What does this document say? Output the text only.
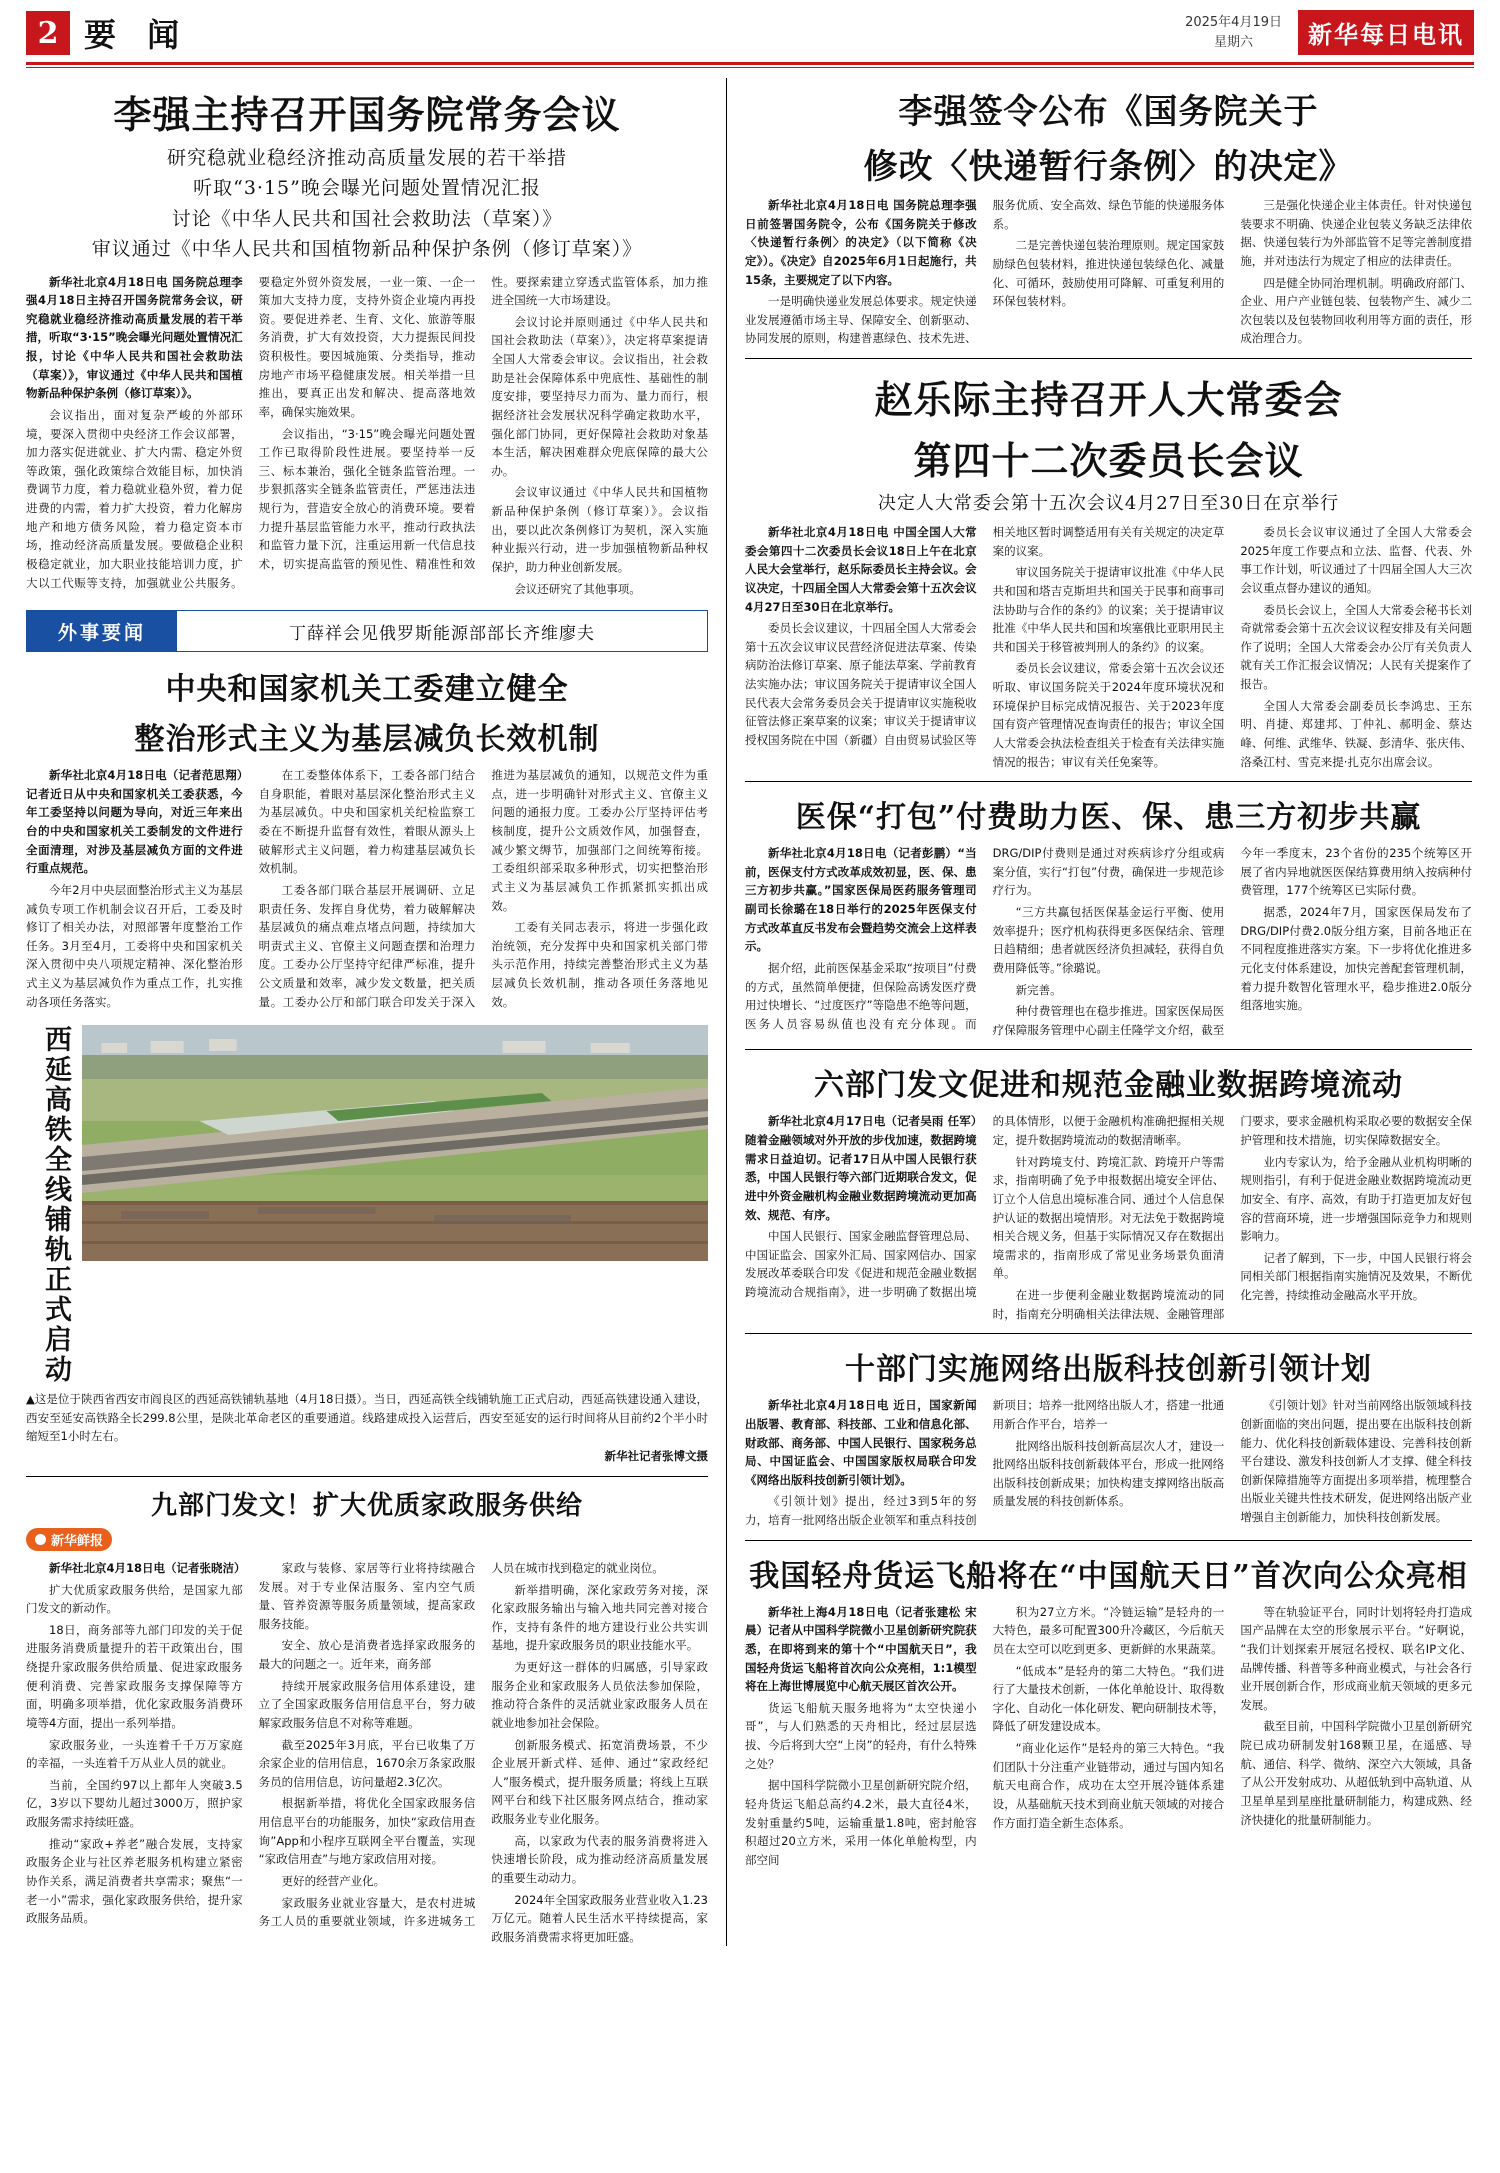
2 要 闻	2025年4月19日
星期六	新华每日电讯
李强主持召开国务院常务会议
研究稳就业稳经济推动高质量发展的若干举措
听取“3·15”晚会曝光问题处置情况汇报
讨论《中华人民共和国社会救助法（草案）》
审议通过《中华人民共和国植物新品种保护条例（修订草案）》

新华社北京4月18日电 国务院总理李强4月18日主持召开国务院常务会议，研究稳就业稳经济推动高质量发展的若干举措，听取“3·15”晚会曝光问题处置情况汇报，讨论《中华人民共和国社会救助法（草案）》，审议通过《中华人民共和国植物新品种保护条例（修订草案）》。

会议指出，面对复杂严峻的外部环境，要深入贯彻中央经济工作会议部署，加力落实促进就业、扩大内需、稳定外贸等政策，强化政策综合效能目标，加快消费调节力度，着力稳就业稳外贸，着力促进费的内需，着力扩大投资，着力化解房地产和地方债务风险，着力稳定资本市场，推动经济高质量发展。要做稳企业积极稳定就业，加大职业技能培训力度，扩大以工代赈等支持，加强就业公共服务。要稳定外贸外资发展，一业一策、一企一策加大支持力度，支持外资企业境内再投资。要促进养老、生育、文化、旅游等服务消费，扩大有效投资，大力提振民间投资积极性。要因城施策、分类指导，推动房地产市场平稳健康发展。相关举措一旦推出，要真正出发和解决、提高落地效率，确保实施效果。

会议指出，“3·15”晚会曝光问题处置工作已取得阶段性进展。要坚持举一反三、标本兼治，强化全链条监管治理。一步狠抓落实全链条监管责任，严惩违法违规行为，营造安全放心的消费环境。要着力提升基层监管能力水平，推动行政执法和监管力量下沉，注重运用新一代信息技术，切实提高监管的预见性、精准性和效性。要探索建立穿透式监管体系，加力推进全国统一大市场建设。

会议讨论并原则通过《中华人民共和国社会救助法（草案）》，决定将草案提请全国人大常委会审议。会议指出，社会救助是社会保障体系中兜底性、基础性的制度安排，要坚持尽力而为、量力而行，根据经济社会发展状况科学确定救助水平，强化部门协同，更好保障社会救助对象基本生活，解决困难群众兜底保障的最大公办。

会议审议通过《中华人民共和国植物新品种保护条例（修订草案）》。会议指出，要以此次条例修订为契机，深入实施种业振兴行动，进一步加强植物新品种权保护，助力种业创新发展。

会议还研究了其他事项。

外事要闻	丁薛祥会见俄罗斯能源部部长齐维廖夫
中央和国家机关工委建立健全
整治形式主义为基层减负长效机制

新华社北京4月18日电（记者范思翔）记者近日从中央和国家机关工委获悉，今年工委坚持以问题为导向，对近三年来出台的中央和国家机关工委制发的文件进行全面清理，对涉及基层减负方面的文件进行重点规范。

今年2月中央层面整治形式主义为基层减负专项工作机制会议召开后，工委及时修订了相关办法，对照部署年度整治工作任务。3月至4月，工委将中央和国家机关深入贯彻中央八项规定精神、深化整治形式主义为基层减负作为重点工作，扎实推动各项任务落实。

在工委整体体系下，工委各部门结合自身职能，着眼对基层深化整治形式主义为基层减负。中央和国家机关纪检监察工委在不断提升监督有效性，着眼从源头上破解形式主义问题，着力构建基层减负长效机制。

工委各部门联合基层开展调研、立足职责任务、发挥自身优势，着力破解解决基层减负的痛点难点堵点问题，持续加大明责式主义、官僚主义问题查摆和治理力度。工委办公厅坚持守纪律严标准，提升公文质量和效率，减少发文数量，把关质量。工委办公厅和部门联合印发关于深入推进为基层减负的通知，以规范文件为重点，进一步明确针对形式主义、官僚主义问题的通报力度。工委办公厅坚持评估考核制度，提升公文质效作风，加强督查，减少繁文缛节，加强部门之间统筹衔接。工委组织部采取多种形式，切实把整治形式主义为基层减负工作抓紧抓实抓出成效。

工委有关同志表示，将进一步强化政治统领，充分发挥中央和国家机关部门带头示范作用，持续完善整治形式主义为基层减负长效机制，推动各项任务落地见效。

西延高铁全线铺轨正式启动
▲这是位于陕西省西安市阎良区的西延高铁铺轨基地（4月18日摄）。当日，西延高铁全线铺轨施工正式启动，西延高铁建设通入建设，西安至延安高铁路全长299.8公里，是陕北革命老区的重要通道。线路建成投入运营后，西安至延安的运行时间将从目前约2个半小时缩短至1小时左右。
新华社记者张博文摄
九部门发文！扩大优质家政服务供给
新华鲜报

新华社北京4月18日电（记者张晓洁）

扩大优质家政服务供给，是国家九部门发文的新动作。

18日，商务部等九部门印发的关于促进服务消费质量提升的若干政策出台，围绕提升家政服务供给质量、促进家政服务便利消费、完善家政服务支撑保障等方面，明确多项举措，优化家政服务消费环境等4方面，提出一系列举措。

家政服务业，一头连着千千万万家庭的幸福，一头连着千万从业人员的就业。

当前，全国约97以上都年人突破3.5亿，3岁以下婴幼儿超过3000万，照护家政服务需求持续旺盛。

推动“家政+养老”融合发展，支持家政服务企业与社区养老服务机构建立紧密协作关系，满足消费者共享需求；聚焦“一老一小”需求，强化家政服务供给，提升家政服务品质。

家政与装修、家居等行业将持续融合发展。对于专业保洁服务、室内空气质量、管养资源等服务质量领域，提高家政服务技能。

安全、放心是消费者选择家政服务的最大的问题之一。近年来，商务部

持续开展家政服务信用体系建设，建立了全国家政服务信用信息平台，努力破解家政服务信息不对称等难题。

截至2025年3月底，平台已收集了万余家企业的信用信息，1670余万条家政服务员的信用信息，访问量超2.3亿次。

根据新举措，将优化全国家政服务信用信息平台的功能服务，加快“家政信用查询”App和小程序互联网全平台覆盖，实现“家政信用查”与地方家政信用对接。

更好的经营产业化。

家政服务业就业容量大，是农村进城务工人员的重要就业领域，许多进城务工人员在城市找到稳定的就业岗位。

新举措明确，深化家政劳务对接，深化家政服务输出与输入地共同完善对接合作，支持有条件的地方建设行业公共实训基地，提升家政服务员的职业技能水平。

为更好这一群体的归属感，引导家政服务企业和家政服务人员依法参加保险，推动符合条件的灵活就业家政服务人员在就业地参加社会保险。

创新服务模式、拓宽消费场景，不少企业展开新式样、延伸、通过“家政经纪人”服务模式，提升服务质量；将线上互联网平台和线下社区服务网点结合，推动家政服务业专业化服务。

高，以家政为代表的服务消费将进入快速增长阶段，成为推动经济高质量发展的重要生动动力。

2024年全国家政服务业营业收入1.23万亿元。随着人民生活水平持续提高，家政服务消费需求将更加旺盛。

李强签令公布《国务院关于
修改〈快递暂行条例〉的决定》

新华社北京4月18日电 国务院总理李强日前签署国务院令，公布《国务院关于修改〈快递暂行条例〉的决定》（以下简称《决定》）。《决定》自2025年6月1日起施行，共15条，主要规定了以下内容。

一是明确快递业发展总体要求。规定快递业发展遵循市场主导、保障安全、创新驱动、协同发展的原则，构建普惠绿色、技术先进、服务优质、安全高效、绿色节能的快递服务体系。

二是完善快递包装治理原则。规定国家鼓励绿色包装材料，推进快递包装绿色化、减量化、可循环，鼓励使用可降解、可重复利用的环保包装材料。

三是强化快递企业主体责任。针对快递包装要求不明确、快递企业包装义务缺乏法律依据、快递包装行为外部监管不足等完善制度措施，并对违法行为规定了相应的法律责任。

四是健全协同治理机制。明确政府部门、企业、用户产业链包装、包装物产生、减少二次包装以及包装物回收利用等方面的责任，形成治理合力。

赵乐际主持召开人大常委会
第四十二次委员长会议
决定人大常委会第十五次会议4月27日至30日在京举行

新华社北京4月18日电 中国全国人大常委会第四十二次委员长会议18日上午在北京人民大会堂举行，赵乐际委员长主持会议。会议决定，十四届全国人大常委会第十五次会议4月27日至30日在北京举行。

委员长会议建议，十四届全国人大常委会第十五次会议审议民营经济促进法草案、传染病防治法修订草案、原子能法草案、学前教育法实施办法；审议国务院关于提请审议全国人民代表大会常务委员会关于提请审议实施税收征管法修正案草案的议案；审议关于提请审议授权国务院在中国（新疆）自由贸易试验区等相关地区暂时调整适用有关有关规定的决定草案的议案。

审议国务院关于提请审议批准《中华人民共和国和塔吉克斯坦共和国关于民事和商事司法协助与合作的条约》的议案；关于提请审议批准《中华人民共和国和埃塞俄比亚职用民主共和国关于移管被判刑人的条约》的议案。

委员长会议建议，常委会第十五次会议还听取、审议国务院关于2024年度环境状况和环境保护目标完成情况报告、关于2023年度国有资产管理情况查询责任的报告；审议全国人大常委会执法检查组关于检查有关法律实施情况的报告；审议有关任免案等。

委员长会议审议通过了全国人大常委会2025年度工作要点和立法、监督、代表、外事工作计划，听议通过了十四届全国人大三次会议重点督办建议的通知。

委员长会议上，全国人大常委会秘书长刘奇就常委会第十五次会议议程安排及有关问题作了说明；全国人大常委会办公厅有关负责人就有关工作汇报会议情况；人民有关提案作了报告。

全国人大常委会副委员长李鸿忠、王东明、肖捷、郑建邦、丁仲礼、郝明金、蔡达峰、何维、武维华、铁凝、彭清华、张庆伟、洛桑江村、雪克来提·扎克尔出席会议。

医保“打包”付费助力医、保、患三方初步共赢

新华社北京4月18日电（记者彭鹏）“当前，医保支付方式改革成效初显，医、保、患三方初步共赢。”国家医保局医药服务管理司副司长徐璐在18日举行的2025年医保支付方式改革直反书发布会暨趋势交流会上这样表示。

据介绍，此前医保基金采取“按项目”付费的方式，虽然简单便捷，但保险高诱发医疗费用过快增长、“过度医疗”等隐患不绝等问题，医务人员容易纵值也没有充分体现。而DRG/DIP付费则是通过对疾病诊疗分组或病案分值，实行“打包”付费，确保进一步规范诊疗行为。

“三方共赢包括医保基金运行平衡、使用效率提升；医疗机构获得更多医保结余、管理日趋精细；患者就医经济负担减轻，获得自负费用降低等。”徐璐说。

新完善。

种付费管理也在稳步推进。国家医保局医疗保障服务管理中心副主任隆学文介绍，截至今年一季度末，23个省份的235个统筹区开展了省内异地就医医保结算费用纳入按病种付费管理，177个统筹区已实际付费。

据悉，2024年7月，国家医保局发布了DRG/DIP付费2.0版分组方案，目前各地正在不同程度推进落实方案。下一步将优化推进多元化支付体系建设，加快完善配套管理机制，着力提升数智化管理水平，稳步推进2.0版分组落地实施。

六部门发文促进和规范金融业数据跨境流动

新华社北京4月17日电（记者吴雨 任军）随着金融领域对外开放的步伐加速，数据跨境需求日益迫切。记者17日从中国人民银行获悉，中国人民银行等六部门近期联合发文，促进中外资金融机构金融业数据跨境流动更加高效、规范、有序。

中国人民银行、国家金融监督管理总局、中国证监会、国家外汇局、国家网信办、国家发展改革委联合印发《促进和规范金融业数据跨境流动合规指南》，进一步明确了数据出境的具体情形，以便于金融机构准确把握相关规定，提升数据跨境流动的数据清晰率。

针对跨境支付、跨境汇款、跨境开户等需求，指南明确了免予申报数据出境安全评估、订立个人信息出境标准合同、通过个人信息保护认证的数据出境情形。对无法免于数据跨境相关合规义务，但基于实际情况又存在数据出境需求的，指南形成了常见业务场景负面清单。

在进一步便利金融业数据跨境流动的同时，指南充分明确相关法律法规、金融管理部门要求，要求金融机构采取必要的数据安全保护管理和技术措施，切实保障数据安全。

业内专家认为，给予金融从业机构明晰的规则指引，有利于促进金融业数据跨境流动更加安全、有序、高效，有助于打造更加友好包容的营商环境，进一步增强国际竞争力和规则影响力。

记者了解到，下一步，中国人民银行将会同相关部门根据指南实施情况及效果，不断优化完善，持续推动金融高水平开放。

十部门实施网络出版科技创新引领计划

新华社北京4月18日电 近日，国家新闻出版署、教育部、科技部、工业和信息化部、财政部、商务部、中国人民银行、国家税务总局、中国证监会、中国国家版权局联合印发《网络出版科技创新引领计划》。

《引领计划》提出，经过3到5年的努力，培育一批网络出版企业领军和重点科技创新项目；培养一批网络出版人才，搭建一批通用新合作平台，培养一

批网络出版科技创新高层次人才，建设一批网络出版科技创新载体平台，形成一批网络出版科技创新成果；加快构建支撑网络出版高质量发展的科技创新体系。

《引领计划》针对当前网络出版领域科技创新面临的突出问题，提出要在出版科技创新能力、优化科技创新载体建设、完善科技创新平台建设、激发科技创新人才支撑、健全科技创新保障措施等方面提出多项举措，梳理整合出版业关键共性技术研发，促进网络出版产业增强自主创新能力，加快科技创新发展。

我国轻舟货运飞船将在“中国航天日”首次向公众亮相

新华社上海4月18日电（记者张建松 宋晨）记者从中国科学院微小卫星创新研究院获悉，在即将到来的第十个“中国航天日”，我国轻舟货运飞船将首次向公众亮相，1:1模型将在上海世博展览中心航天展区首次公开。

货运飞船航天服务地将为“太空快递小哥”，与人们熟悉的天舟相比，经过层层选拔、今后将到大空“上岗”的轻舟，有什么特殊之处？

据中国科学院微小卫星创新研究院介绍，轻舟货运飞船总高约4.2米，最大直径4米，发射重量约5吨，运输重量1.8吨，密封舱容积超过20立方米，采用一体化单舱构型，内部空间

积为27立方米。“冷链运输”是轻舟的一大特色，最多可配置300升冷藏区，今后航天员在太空可以吃到更多、更新鲜的水果蔬菜。

“低成本”是轻舟的第二大特色。“我们进行了大量技术创新，一体化单舱设计、取得数字化、自动化一体化研发、靶向研制技术等，降低了研发建设成本。

“商业化运作”是轻舟的第三大特色。“我们团队十分注重产业链带动，通过与国内知名航天电商合作，成功在太空开展冷链体系建设，从基础航天技术到商业航天领域的对接合作方面打造全新生态体系。

等在轨验证平台，同时计划将轻舟打造成国产品牌在太空的形象展示平台。“好啊说，“我们计划探索开展冠名授权、联名IP文化、品牌传播、科普等多种商业模式，与社会各行业开展创新合作，形成商业航天领域的更多元发展。

截至目前，中国科学院微小卫星创新研究院已成功研制发射168颗卫星，在遥感、导航、通信、科学、微纳、深空六大领域，具备了从公开发射成功、从超低轨到中高轨道、从卫星单星到星座批量研制能力，构建成熟、经济快捷化的批量研制能力。
